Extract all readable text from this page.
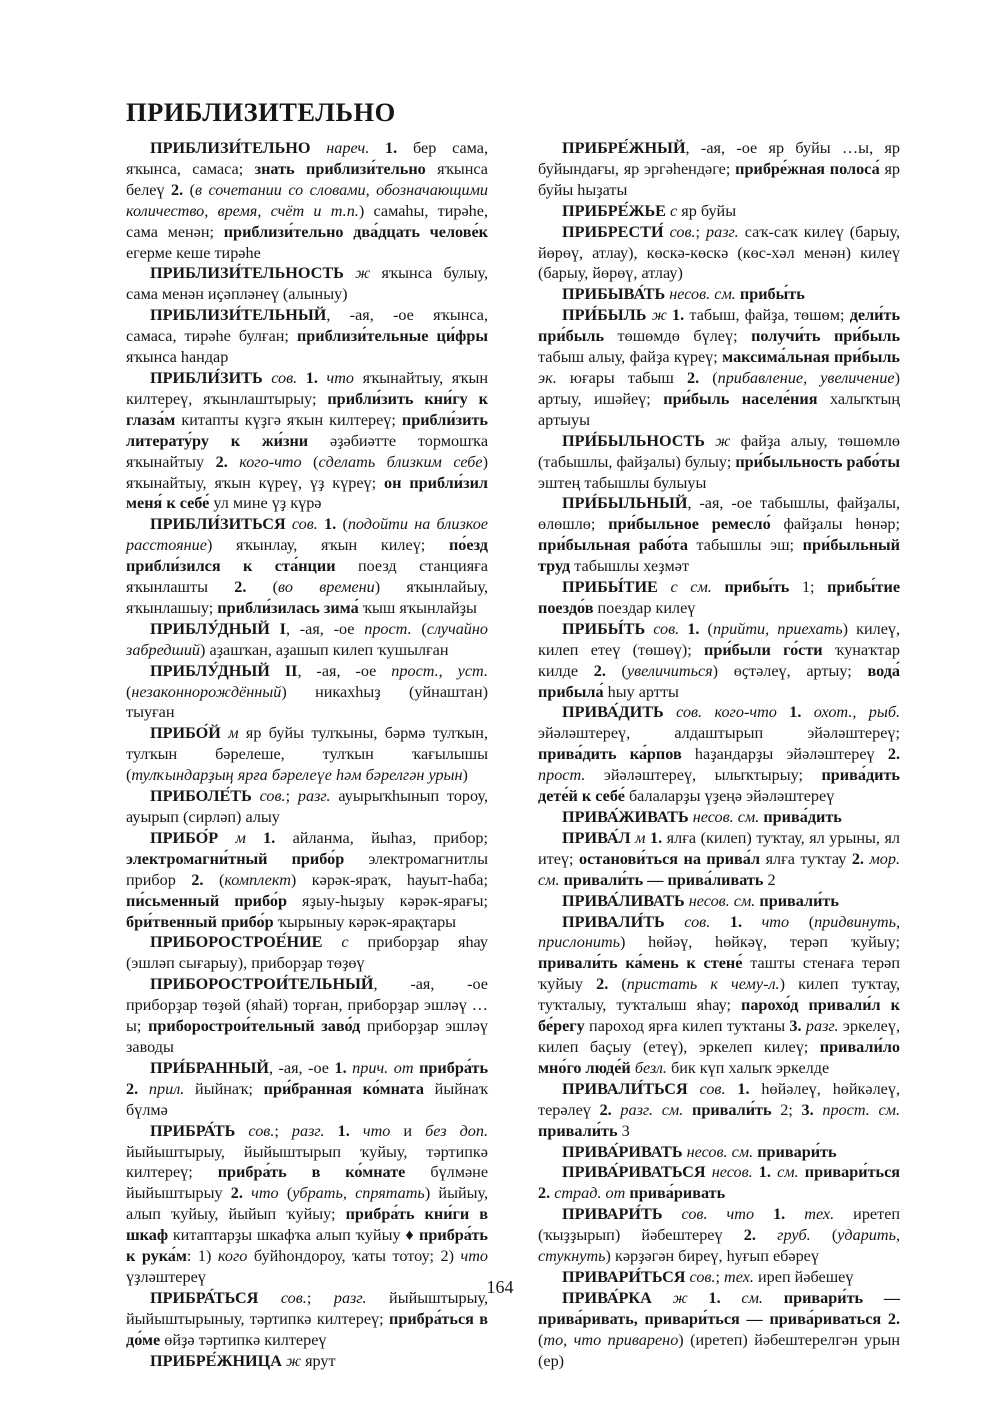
ПРИБЛИЗИТЕЛЬНО

ПРИБЛИЗИ́ТЕЛЬНО нареч. 1. бер сама, яҡынса, самаса; знать приблизи́тельно яҡынса белеү 2. (в сочетании со словами, обозначающими количество, время, счёт и т.п.) самаһы, тирәһе, сама менән; приблизи́тельно два́дцать челове́к егерме кеше тирәһе

ПРИБЛИЗИ́ТЕЛЬНОСТЬ ж яҡынса булыу, сама менән иҫәпләнеү (алыныу)

ПРИБЛИЗИ́ТЕЛЬНЫЙ, -ая, -ое яҡынса, самаса, тирәһе булған; приблизи́тельные ци́фры яҡынса һандар

ПРИБЛИ́ЗИТЬ сов. 1. что яҡынайтыу, яҡын килтереү, яҡынлаштырыу; прибли́зить кни́гу к глаза́м китапты күҙгә яҡын килтереү; прибли́зить литерату́ру к жи́зни әҙәбиәтте тормошҡа яҡынайтыу 2. кого-что (сделать близким себе) яҡынайтыу, яҡын күреү, үҙ күреү; он прибли́зил меня́ к себе́ ул мине үҙ күрә

ПРИБЛИ́ЗИТЬСЯ сов. 1. (подойти на близкое расстояние) яҡынлау, яҡын килеү; по́езд прибли́зился к ста́нции поезд станцияға яҡынлашты 2. (во времени) яҡынлайыу, яҡынлашыу; прибли́зилась зима́ ҡыш яҡынлайҙы

ПРИБЛУ́ДНЫЙ I, -ая, -ое прост. (случайно забредший) аҙашҡан, аҙашып килеп ҡушылған

ПРИБЛУ́ДНЫЙ II, -ая, -ое прост., уст. (незаконнорождённый) никахһыҙ (уйнаштан) тыуған

ПРИБО́Й м яр буйы тулҡыны, бәрмә тулҡын, тулҡын бәрелеше, тулҡын ҡағылышы (тулҡындарҙың ярға бәрелеүе һәм бәрелгән урын)

ПРИБОЛЕ́ТЬ сов.; разг. ауырыҡһынып тороу, ауырып (сирләп) алыу

ПРИБО́Р м 1. айланма, йыһаз, прибор; электромагни́тный прибо́р электромагнитлы прибор 2. (комплект) кәрәк-яраҡ, һауыт-һаба; пи́сьменный прибо́р яҙыу-һыҙыу кәрәк-ярағы; бри́твенный прибо́р ҡырыныу кәрәк-ярақтары

ПРИБОРОСТРОЕ́НИЕ с приборҙар яһау (эшләп сығарыу), приборҙар төҙөү

ПРИБОРОСТРОИ́ТЕЛЬНЫЙ, -ая, -ое приборҙар төҙөй (яһай) торған, приборҙар эшләү …ы; приборострои́тельный заво́д приборҙар эшләү заводы

ПРИ́БРАННЫЙ, -ая, -ое 1. прич. от прибра́ть 2. прил. йыйнаҡ; при́бранная ко́мната йыйнаҡ бүлмә

ПРИБРА́ТЬ сов.; разг. 1. что и без доп. йыйыштырыу, йыйыштырып ҡуйыу, тәртипкә килтереү; прибра́ть в ко́мнате бүлмәне йыйыштырыу 2. что (убрать, спрятать) йыйыу, алып ҡуйыу, йыйып ҡуйыу; прибра́ть кни́ги в шкаф китаптарҙы шкафҡа алып ҡуйыу ♦ прибра́ть к рука́м: 1) кого буйһондороу, ҡаты тотоу; 2) что үҙләштереү

ПРИБРА́ТЬСЯ сов.; разг. йыйыштырыу, йыйыштырыныу, тәртипкә килтереү; прибра́ться в до́ме өйҙә тәртипкә килтереү

ПРИБРЕ́ЖНИЦА ж ярут

ПРИБРЕ́ЖНЫЙ, -ая, -ое яр буйы …ы, яр буйындағы, яр эргәһендәге; прибре́жная полоса́ яр буйы һыҙаты

ПРИБРЕ́ЖЬЕ с яр буйы

ПРИБРЕСТИ́ сов.; разг. саҡ-саҡ килеү (барыу, йөрөү, атлау), көскә-көскә (көс-хәл менән) килеү (барыу, йөрөү, атлау)

ПРИБЫВА́ТЬ несов. см. прибы́ть

ПРИ́БЫЛЬ ж 1. табыш, файҙа, төшөм; дели́ть при́быль төшөмдө бүлеү; получи́ть при́быль табыш алыу, файҙа күреү; максима́льная при́быль эк. юғары табыш 2. (прибавление, увеличение) артыу, ишәйеү; при́быль населе́ния халыҡтың артыуы

ПРИ́БЫЛЬНОСТЬ ж файҙа алыу, төшөмлө (табышлы, файҙалы) булыу; при́быльность рабо́ты эштең табышлы булыуы

ПРИ́БЫЛЬНЫЙ, -ая, -ое табышлы, файҙалы, өлөшлө; при́быльное ремесло́ файҙалы һөнәр; при́быльная рабо́та табышлы эш; при́быльный труд табышлы хеҙмәт

ПРИБЫ́ТИЕ с см. прибы́ть 1; прибы́тие поездо́в поездар килеү

ПРИБЫ́ТЬ сов. 1. (прийти, приехать) килеү, килеп етеү (төшөү); при́были го́сти ҡунаҡтар килде 2. (увеличиться) өҫтәлеү, артыу; вода́ прибыла́ һыу артты

ПРИВА́ДИТЬ сов. кого-что 1. охот., рыб. эйәләштереү, алдаштырып эйәләштереү; прива́дить ка́рпов һаҙандарҙы эйәләштереү 2. прост. эйәләштереү, ылыҡтырыу; прива́дить дете́й к себе́ балаларҙы үҙеңә эйәләштереү

ПРИВА́ЖИВАТЬ несов. см. прива́дить

ПРИВА́Л м 1. ялға (килеп) туҡтау, ял урыны, ял итеү; останови́ться на прива́л ялға туҡтау 2. мор. см. привали́ть — прива́ливать 2

ПРИВА́ЛИВАТЬ несов. см. привали́ть

ПРИВАЛИ́ТЬ сов. 1. что (придвинуть, прислонить) һөйәү, һөйкәү, терәп ҡуйыу; привали́ть ка́мень к стене́ ташты стенаға терәп ҡуйыу 2. (пристать к чему-л.) килеп туҡтау, туҡталыу, туҡталыш яһау; парохо́д привали́л к бе́регу пароход ярға килеп туҡтаны 3. разг. эркелеү, килеп баҫыу (етеү), эркелеп килеү; привали́ло мно́го люде́й безл. бик күп халыҡ эркелде

ПРИВАЛИ́ТЬСЯ сов. 1. һөйәлеү, һөйкәлеү, терәлеү 2. разг. см. привали́ть 2; 3. прост. см. привали́ть 3

ПРИВА́РИВАТЬ несов. см. привари́ть

ПРИВА́РИВАТЬСЯ несов. 1. см. привари́ться 2. страд. от прива́ривать

ПРИВАРИ́ТЬ сов. что 1. тех. иретеп (ҡыҙҙырып) йәбештереү 2. груб. (ударить, стукнуть) кәрҙәгән биреү, һуғып ебәреү

ПРИВАРИ́ТЬСЯ сов.; тех. иреп йәбешеү

ПРИВА́РКА ж 1. см. привари́ть — прива́ривать, привари́ться — прива́риваться 2. (то, что приварено) (иретеп) йәбештерелгән урын (ер)

164
